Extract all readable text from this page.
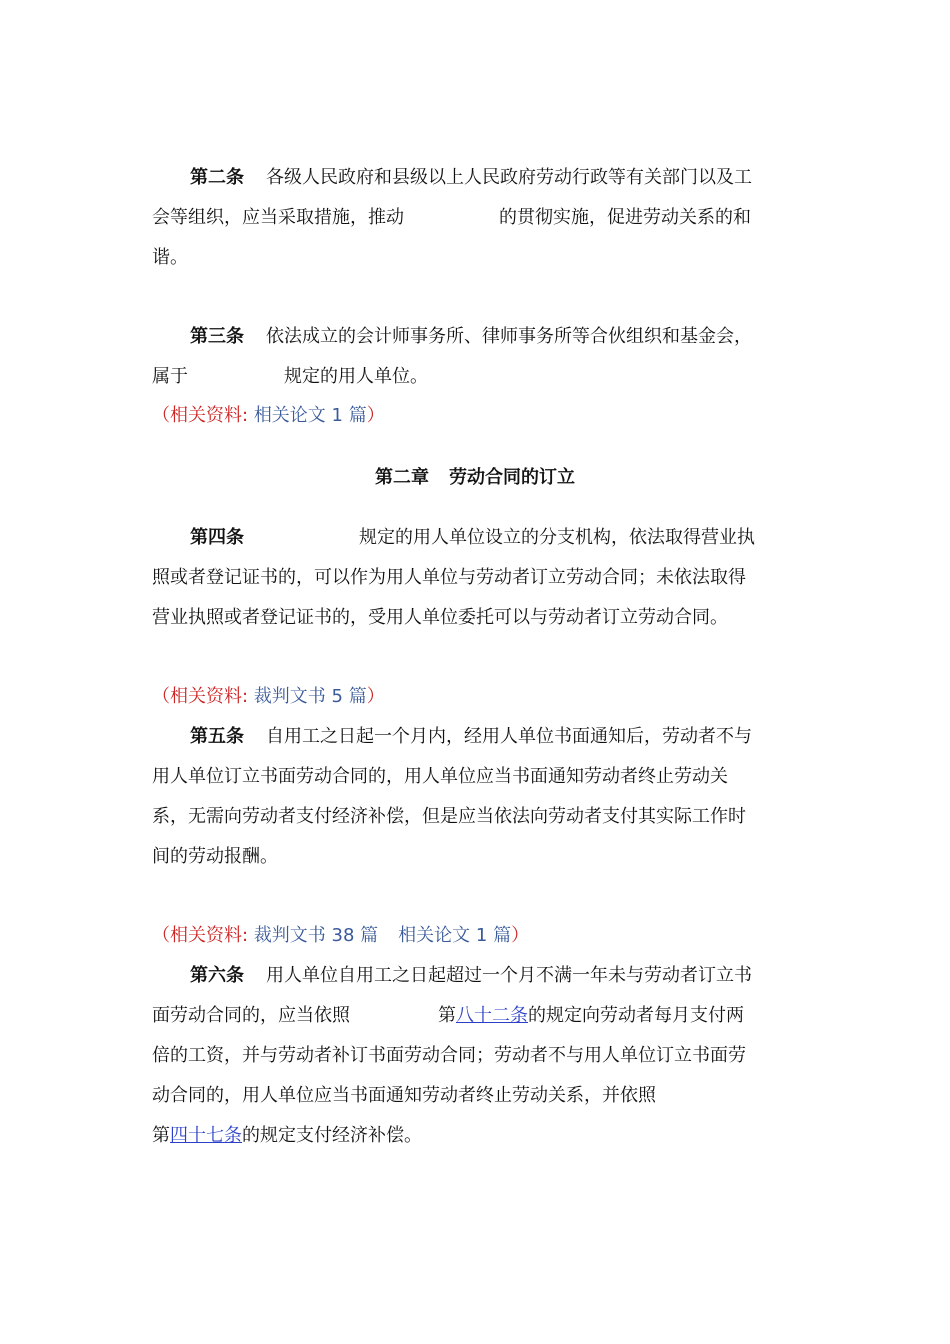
第二条 各级人民政府和县级以上人民政府劳动行政等有关部门以及工
会等组织，应当采取措施，推动	的贯彻实施，促进劳动关系的和
谐。
第三条 依法成立的会计师事务所、律师事务所等合伙组织和基金会，
属于	规定的用人单位。
（相关资料: 相关论文 1 篇）
第二章 劳动合同的订立
第四条	规定的用人单位设立的分支机构，依法取得营业执
照或者登记证书的，可以作为用人单位与劳动者订立劳动合同；未依法取得
营业执照或者登记证书的，受用人单位委托可以与劳动者订立劳动合同。
（相关资料: 裁判文书 5 篇）
第五条 自用工之日起一个月内，经用人单位书面通知后，劳动者不与
用人单位订立书面劳动合同的，用人单位应当书面通知劳动者终止劳动关
系，无需向劳动者支付经济补偿，但是应当依法向劳动者支付其实际工作时
间的劳动报酬。
（相关资料: 裁判文书 38 篇 相关论文 1 篇）
第六条 用人单位自用工之日起超过一个月不满一年未与劳动者订立书
面劳动合同的，应当依照	第八十二条的规定向劳动者每月支付两
倍的工资，并与劳动者补订书面劳动合同；劳动者不与用人单位订立书面劳
动合同的，用人单位应当书面通知劳动者终止劳动关系，并依照
第四十七条的规定支付经济补偿。
